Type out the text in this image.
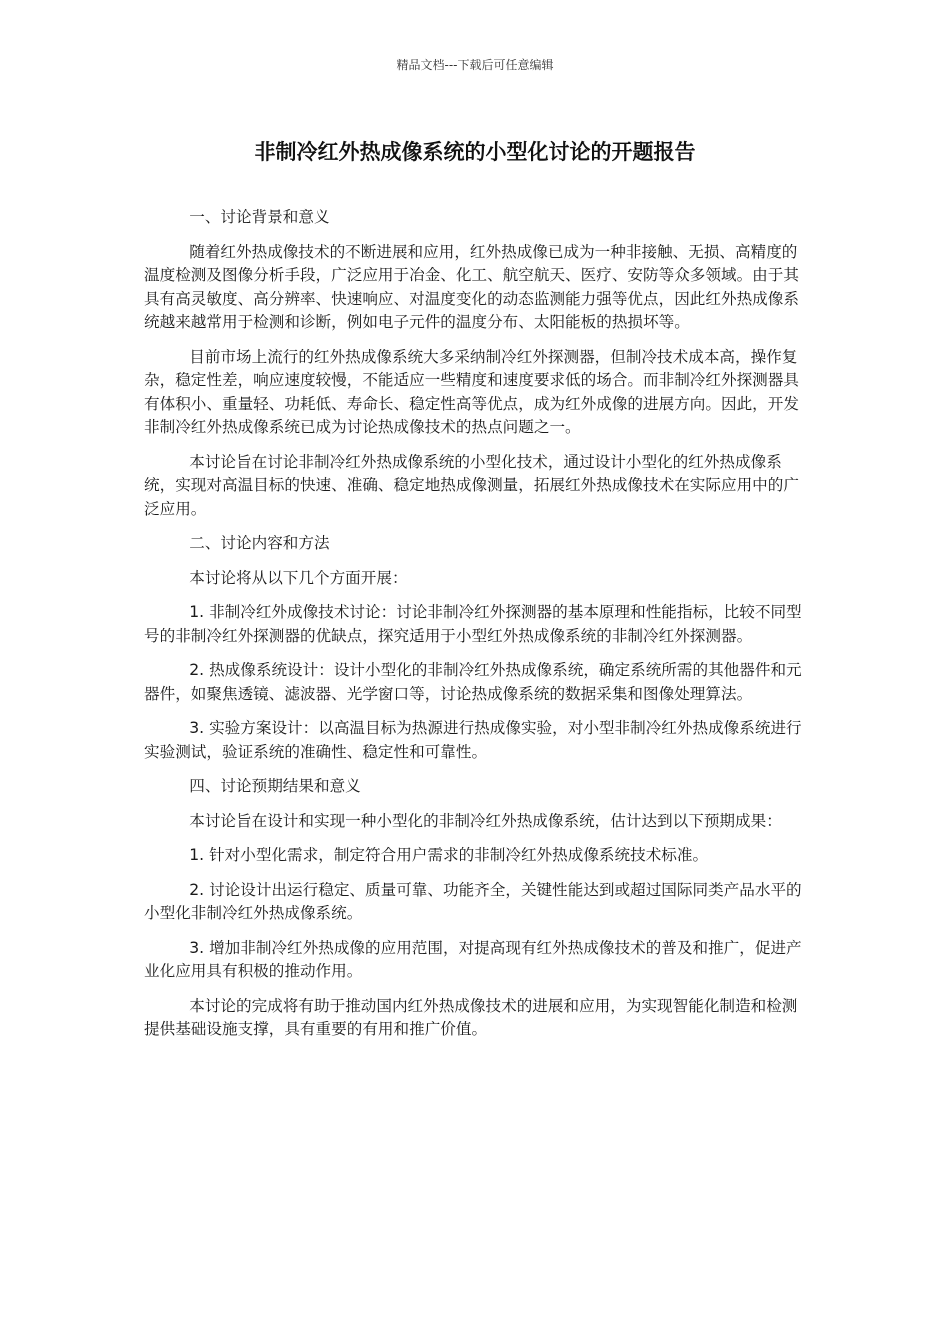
精品文档---下载后可任意编辑
非制冷红外热成像系统的小型化讨论的开题报告

一、讨论背景和意义

随着红外热成像技术的不断进展和应用，红外热成像已成为一种非接触、无损、高精度的温度检测及图像分析手段，广泛应用于冶金、化工、航空航天、医疗、安防等众多领域。由于其具有高灵敏度、高分辨率、快速响应、对温度变化的动态监测能力强等优点，因此红外热成像系统越来越常用于检测和诊断，例如电子元件的温度分布、太阳能板的热损坏等。

目前市场上流行的红外热成像系统大多采纳制冷红外探测器，但制冷技术成本高，操作复杂，稳定性差，响应速度较慢，不能适应一些精度和速度要求低的场合。而非制冷红外探测器具有体积小、重量轻、功耗低、寿命长、稳定性高等优点，成为红外成像的进展方向。因此，开发非制冷红外热成像系统已成为讨论热成像技术的热点问题之一。

本讨论旨在讨论非制冷红外热成像系统的小型化技术，通过设计小型化的红外热成像系统，实现对高温目标的快速、准确、稳定地热成像测量，拓展红外热成像技术在实际应用中的广泛应用。

二、讨论内容和方法

本讨论将从以下几个方面开展：

1. 非制冷红外成像技术讨论：讨论非制冷红外探测器的基本原理和性能指标，比较不同型号的非制冷红外探测器的优缺点，探究适用于小型红外热成像系统的非制冷红外探测器。

2. 热成像系统设计：设计小型化的非制冷红外热成像系统，确定系统所需的其他器件和元器件，如聚焦透镜、滤波器、光学窗口等，讨论热成像系统的数据采集和图像处理算法。

3. 实验方案设计：以高温目标为热源进行热成像实验，对小型非制冷红外热成像系统进行实验测试，验证系统的准确性、稳定性和可靠性。

四、讨论预期结果和意义

本讨论旨在设计和实现一种小型化的非制冷红外热成像系统，估计达到以下预期成果：

1. 针对小型化需求，制定符合用户需求的非制冷红外热成像系统技术标准。

2. 讨论设计出运行稳定、质量可靠、功能齐全，关键性能达到或超过国际同类产品水平的小型化非制冷红外热成像系统。

3. 增加非制冷红外热成像的应用范围，对提高现有红外热成像技术的普及和推广，促进产业化应用具有积极的推动作用。

本讨论的完成将有助于推动国内红外热成像技术的进展和应用，为实现智能化制造和检测提供基础设施支撑，具有重要的有用和推广价值。
